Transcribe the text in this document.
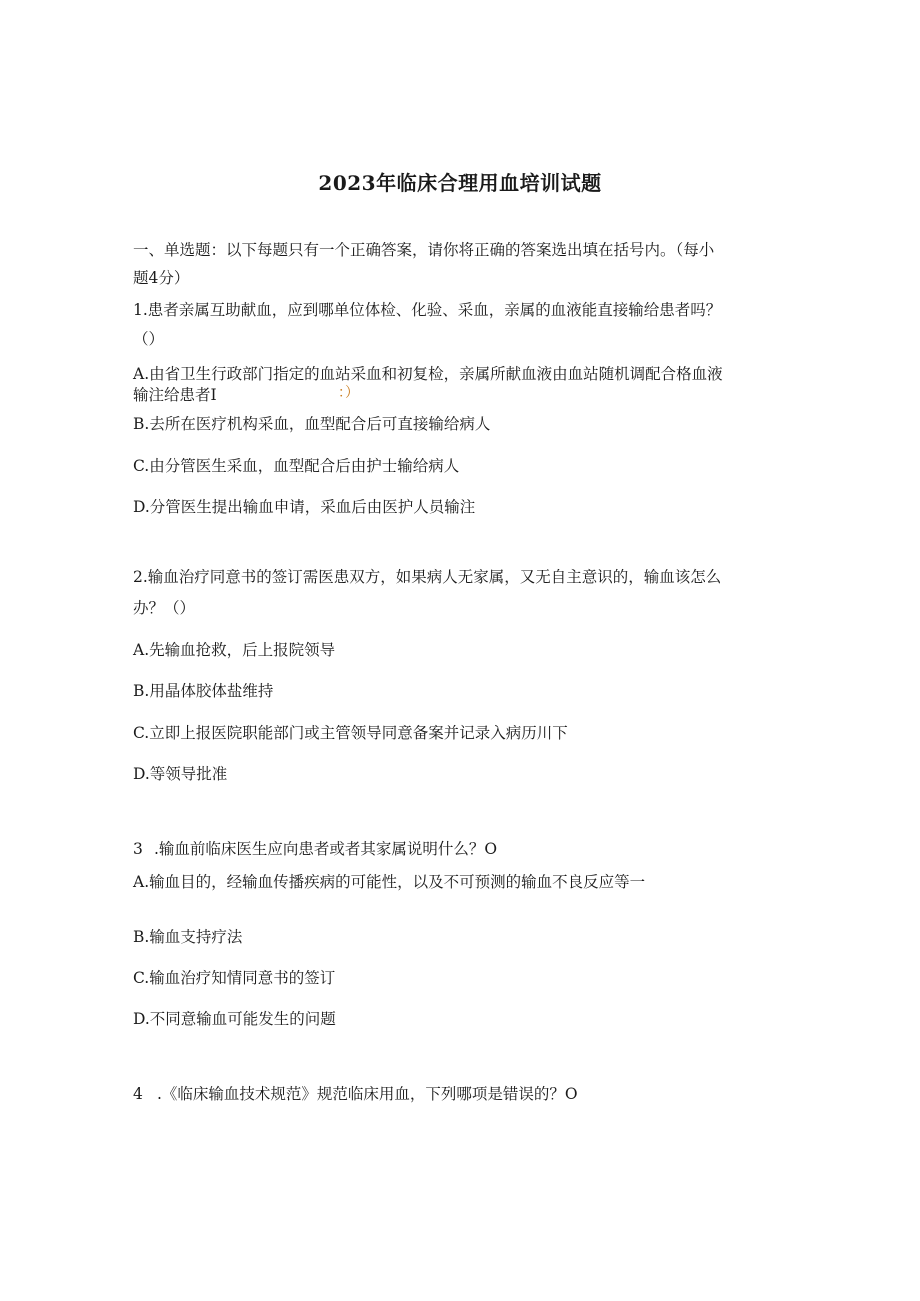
2023年临床合理用血培训试题
一、单选题：以下每题只有一个正确答案，请你将正确的答案选出填在括号内。（每小
题4分）
1.患者亲属互助献血，应到哪单位体检、化验、采血，亲属的血液能直接输给患者吗？
（）
A.由省卫生行政部门指定的血站采血和初复检，亲属所献血液由血站随机调配合格血液
输注给患者I	：）
B.去所在医疗机构采血，血型配合后可直接输给病人
C.由分管医生采血，血型配合后由护士输给病人
D.分管医生提出输血申请，采血后由医护人员输注
2.输血治疗同意书的签订需医患双方，如果病人无家属，又无自主意识的，输血该怎么
办？（）
A.先输血抢救，后上报院领导
B.用晶体胶体盐维持
C.立即上报医院职能部门或主管领导同意备案并记录入病历川下
D.等领导批准
3 .输血前临床医生应向患者或者其家属说明什么？O
A.输血目的，经输血传播疾病的可能性，以及不可预测的输血不良反应等一
B.输血支持疗法
C.输血治疗知情同意书的签订
D.不同意输血可能发生的问题
4 .《临床输血技术规范》规范临床用血，下列哪项是错误的？O
